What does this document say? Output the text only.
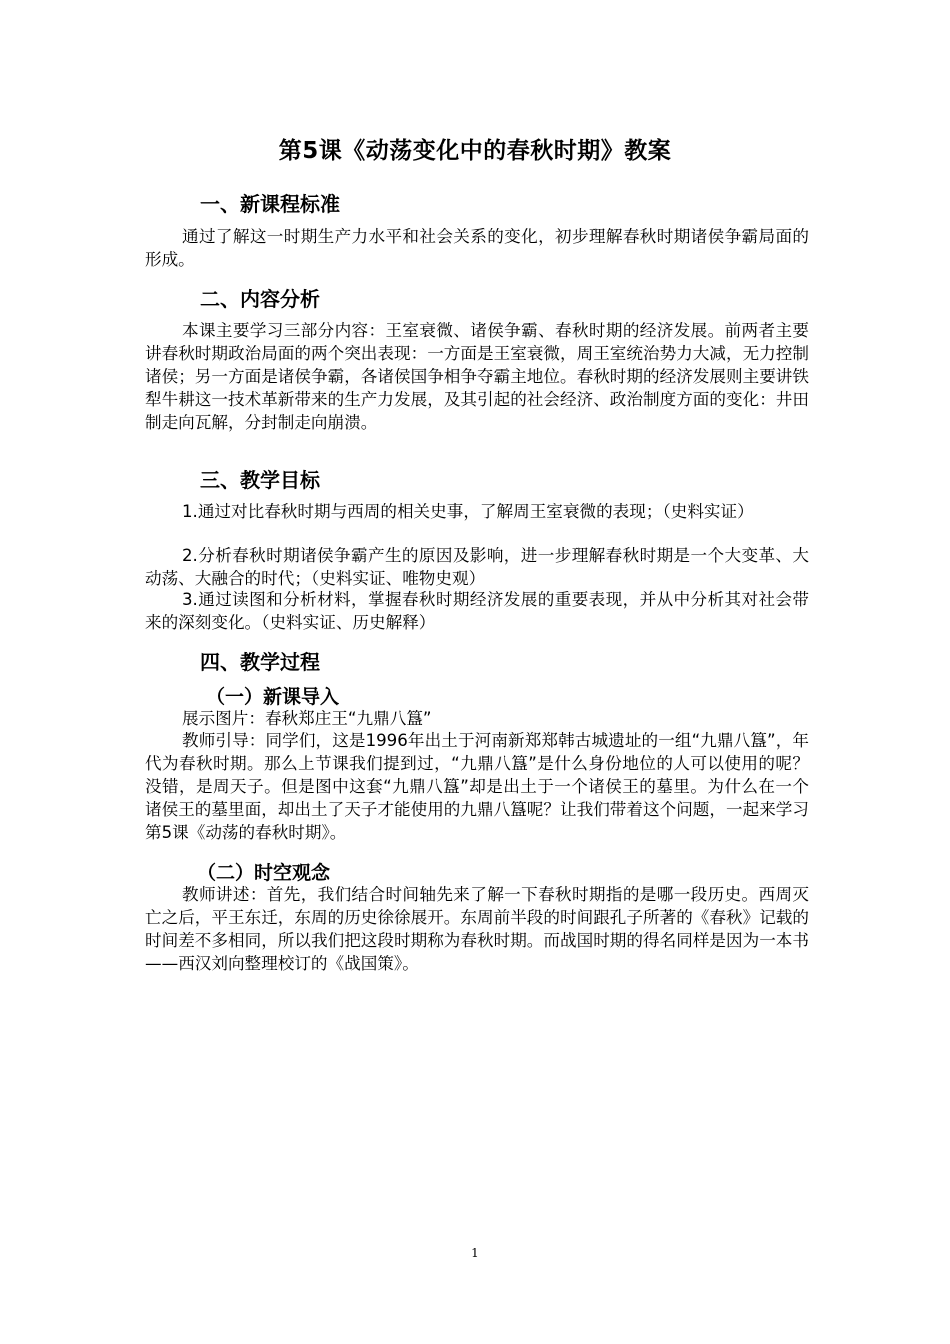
第5课《动荡变化中的春秋时期》教案
一、新课程标准
通过了解这一时期生产力水平和社会关系的变化，初步理解春秋时期诸侯争霸局面的形成。
二、内容分析
本课主要学习三部分内容：王室衰微、诸侯争霸、春秋时期的经济发展。前两者主要讲春秋时期政治局面的两个突出表现：一方面是王室衰微，周王室统治势力大减，无力控制诸侯；另一方面是诸侯争霸，各诸侯国争相争夺霸主地位。春秋时期的经济发展则主要讲铁犁牛耕这一技术革新带来的生产力发展，及其引起的社会经济、政治制度方面的变化：井田制走向瓦解，分封制走向崩溃。
三、教学目标
1.通过对比春秋时期与西周的相关史事，了解周王室衰微的表现；（史料实证）
2.分析春秋时期诸侯争霸产生的原因及影响，进一步理解春秋时期是一个大变革、大动荡、大融合的时代；（史料实证、唯物史观）
3.通过读图和分析材料，掌握春秋时期经济发展的重要表现，并从中分析其对社会带来的深刻变化。（史料实证、历史解释）
四、教学过程
（一）新课导入
展示图片：春秋郑庄王“九鼎八簋”
教师引导：同学们，这是1996年出土于河南新郑郑韩古城遗址的一组“九鼎八簋”，年代为春秋时期。那么上节课我们提到过，“九鼎八簋”是什么身份地位的人可以使用的呢？没错，是周天子。但是图中这套“九鼎八簋”却是出土于一个诸侯王的墓里。为什么在一个诸侯王的墓里面，却出土了天子才能使用的九鼎八簋呢？让我们带着这个问题，一起来学习第5课《动荡的春秋时期》。
（二）时空观念
教师讲述：首先，我们结合时间轴先来了解一下春秋时期指的是哪一段历史。西周灭亡之后，平王东迁，东周的历史徐徐展开。东周前半段的时间跟孔子所著的《春秋》记载的时间差不多相同，所以我们把这段时期称为春秋时期。而战国时期的得名同样是因为一本书——西汉刘向整理校订的《战国策》。
1
